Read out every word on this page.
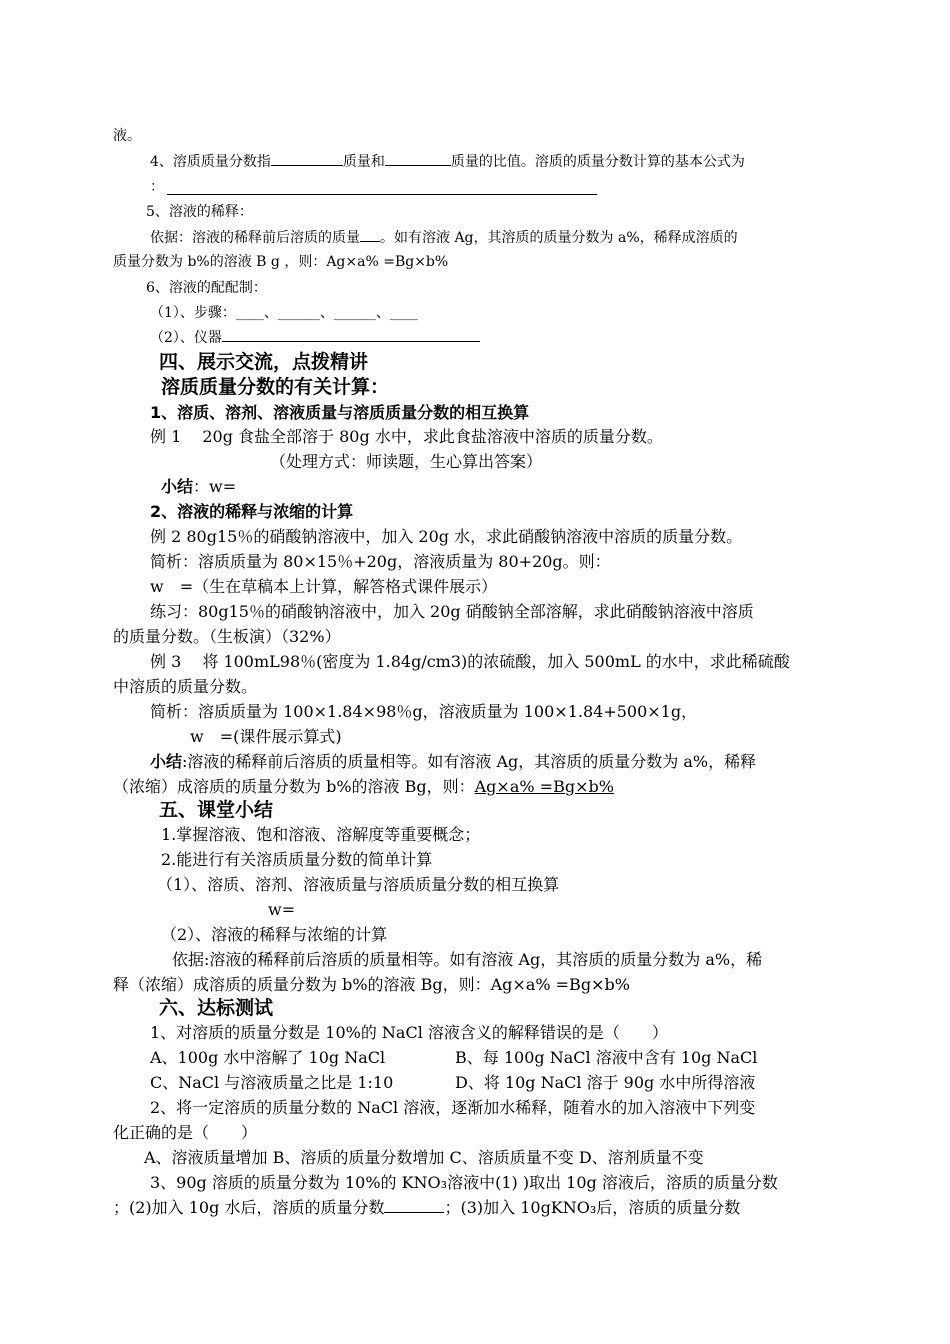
液。
4、溶质质量分数指	质量和	质量的比值。溶质的质量分数计算的基本公式为
：
5、溶液的稀释：
依据：溶液的稀释前后溶质的质量 。如有溶液 Ag，其溶质的质量分数为 a%，稀释成溶质的
质量分数为 b%的溶液 B g ，则：Ag×a% =Bg×b%
6、溶液的配配制：
（1）、步骤：____、______、______、____
（2）、仪器
四、展示交流，点拨精讲
溶质质量分数的有关计算：
1、溶质、溶剂、溶液质量与溶质质量分数的相互换算
例 1　 20g 食盐全部溶于 80g 水中，求此食盐溶液中溶质的质量分数。
（处理方式：师读题，生心算出答案）
小结：w=
2、溶液的稀释与浓缩的计算
例 2 80g15％的硝酸钠溶液中，加入 20g 水，求此硝酸钠溶液中溶质的质量分数。
简析：溶质质量为 80×15％+20g，溶液质量为 80+20g。则：
w　=（生在草稿本上计算，解答格式课件展示）
练习：80g15％的硝酸钠溶液中，加入 20g 硝酸钠全部溶解，求此硝酸钠溶液中溶质
的质量分数。（生板演）（32%）
例 3　 将 100mL98％(密度为 1.84g/cm3)的浓硫酸，加入 500mL 的水中，求此稀硫酸
中溶质的质量分数。
简析：溶质质量为 100×1.84×98％g，溶液质量为 100×1.84+500×1g，
w　=(课件展示算式)
小结:溶液的稀释前后溶质的质量相等。如有溶液 Ag，其溶质的质量分数为 a%，稀释
（浓缩）成溶质的质量分数为 b%的溶液 Bg，则：Ag×a% =Bg×b%
五、课堂小结
1.掌握溶液、饱和溶液、溶解度等重要概念；
2.能进行有关溶质质量分数的简单计算
（1）、溶质、溶剂、溶液质量与溶质质量分数的相互换算
w=
（2）、溶液的稀释与浓缩的计算
依据:溶液的稀释前后溶质的质量相等。如有溶液 Ag，其溶质的质量分数为 a%，稀
释（浓缩）成溶质的质量分数为 b%的溶液 Bg，则：Ag×a% =Bg×b%
六、达标测试
1、对溶质的质量分数是 10%的 NaCl 溶液含义的解释错误的是（　　）
A、100g 水中溶解了 10g NaCl	B、每 100g NaCl 溶液中含有 10g NaCl
C、NaCl 与溶液质量之比是 1:10	D、将 10g NaCl 溶于 90g 水中所得溶液
2、将一定溶质的质量分数的 NaCl 溶液，逐渐加水稀释，随着水的加入溶液中下列变
化正确的是（　　）
A、溶液质量增加 B、溶质的质量分数增加 C、溶质质量不变 D、溶剂质量不变
3、90g 溶质的质量分数为 10%的 KNO₃溶液中(1) )取出 10g 溶液后，溶质的质量分数
；(2)加入 10g 水后，溶质的质量分数	；(3)加入 10gKNO₃后，溶质的质量分数
